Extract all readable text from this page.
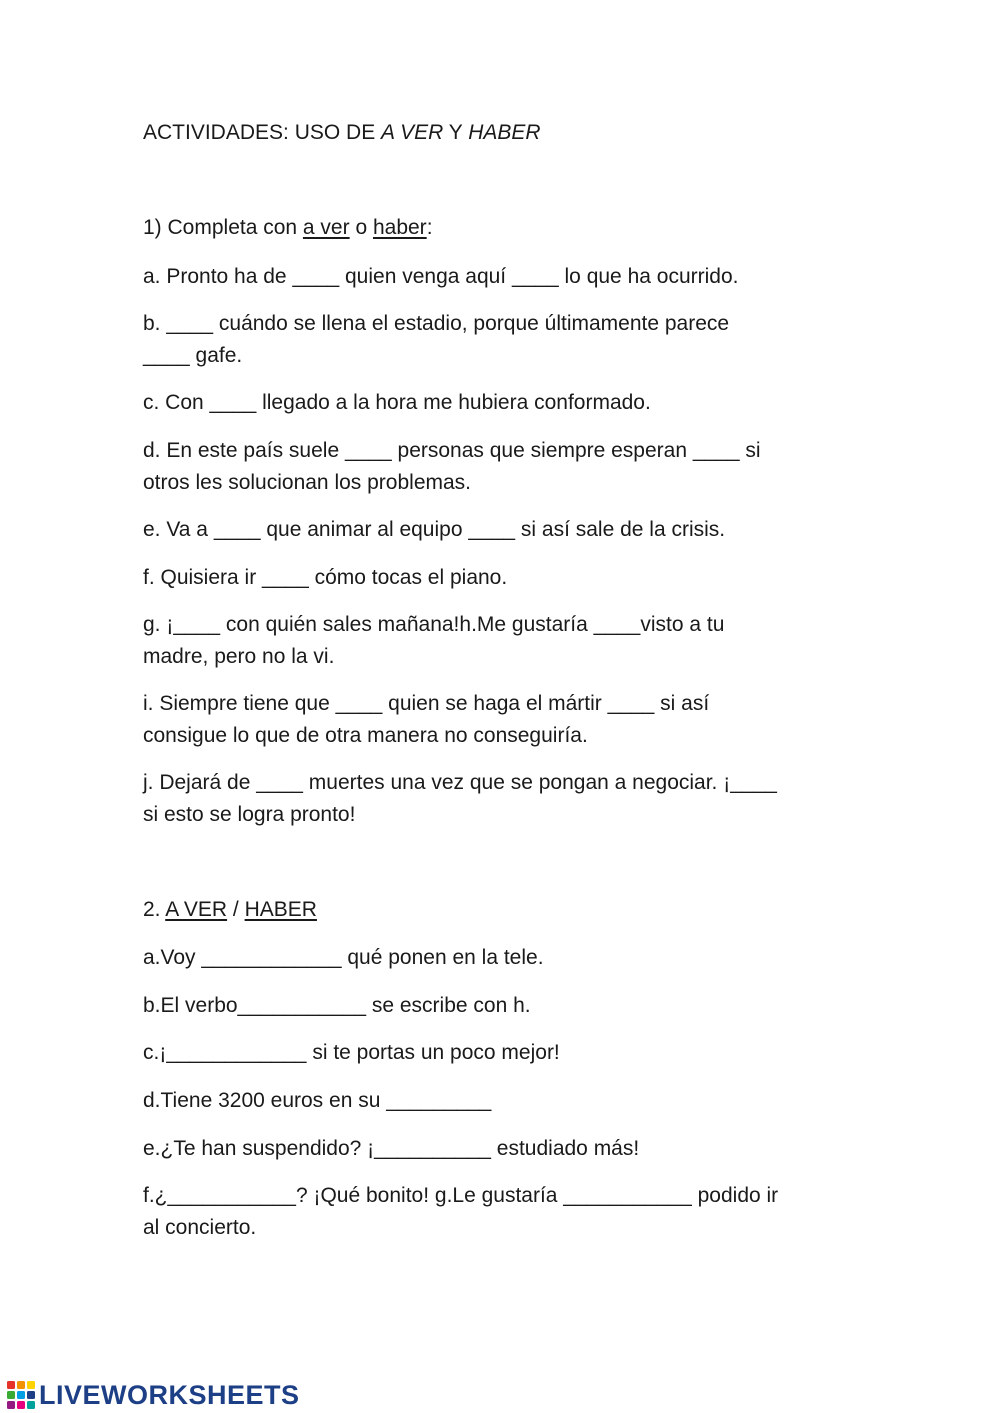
ACTIVIDADES: USO DE A VER Y HABER

1) Completa con a ver o haber:

a. Pronto ha de ____ quien venga aquí ____ lo que ha ocurrido.

b. ____ cuándo se llena el estadio, porque últimamente parece

____ gafe.

c. Con ____ llegado a la hora me hubiera conformado.

d. En este país suele ____ personas que siempre esperan ____ si

otros les solucionan los problemas.

e. Va a ____ que animar al equipo ____ si así sale de la crisis.

f. Quisiera ir ____ cómo tocas el piano.

g. ¡____ con quién sales mañana!h.Me gustaría ____visto a tu

madre, pero no la vi.

i. Siempre tiene que ____ quien se haga el mártir ____ si así

consigue lo que de otra manera no conseguiría.

j. Dejará de ____ muertes una vez que se pongan a negociar. ¡____

si esto se logra pronto!

2. A VER / HABER

a.Voy ____________ qué ponen en la tele.

b.El verbo___________ se escribe con h.

c.¡____________ si te portas un poco mejor!

d.Tiene 3200 euros en su _________

e.¿Te han suspendido? ¡__________ estudiado más!

f.¿___________? ¡Qué bonito! g.Le gustaría ___________ podido ir

al concierto.

LIVEWORKSHEETS
